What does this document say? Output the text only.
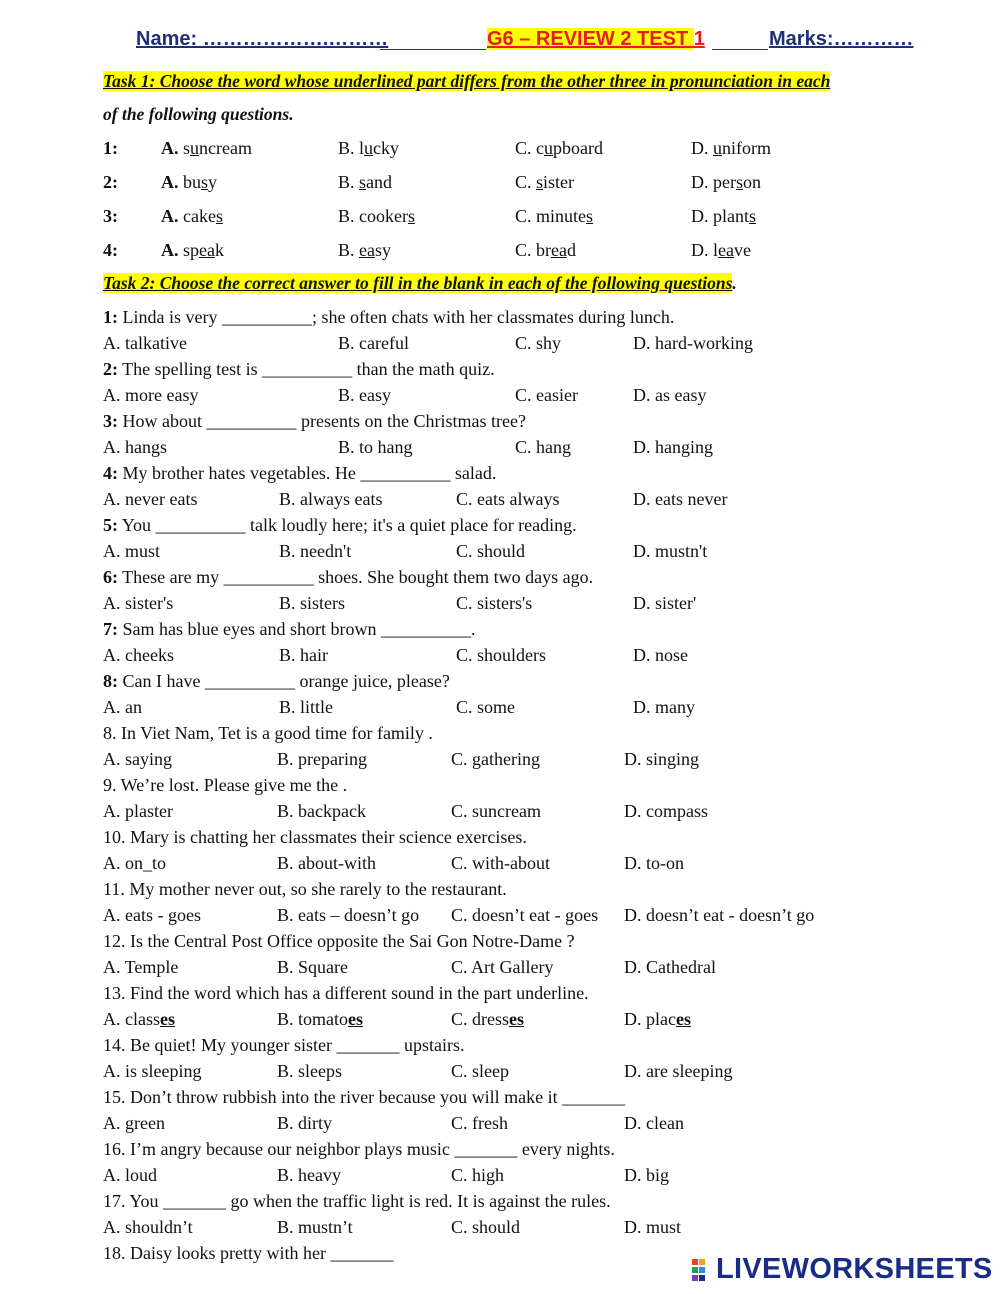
Name: ……………….………	G6 – REVIEW 2 TEST 1	Marks:…………
Task 1: Choose the word whose underlined part differs from the other three in pronunciation in each
of the following questions.
1: A. suncream	B. lucky	C. cupboard	D. uniform
2: A. busy	B. sand	C. sister	D. person
3: A. cakes	B. cookers	C. minutes	D. plants
4: A. speak	B. easy	C. bread	D. leave
Task 2: Choose the correct answer to fill in the blank in each of the following questions.
1: Linda is very __________; she often chats with her classmates during lunch.
A. talkative	B. careful	C. shy	D. hard-working
2: The spelling test is __________ than the math quiz.
A. more easy	B. easy	C. easier	D. as easy
3: How about __________ presents on the Christmas tree?
A. hangs	B. to hang	C. hang	D. hanging
4: My brother hates vegetables. He __________ salad.
A. never eats	B. always eats	C. eats always	D. eats never
5: You __________ talk loudly here; it's a quiet place for reading.
A. must	B. needn't	C. should	D. mustn't
6: These are my __________ shoes. She bought them two days ago.
A. sister's	B. sisters	C. sisters's	D. sister'
7: Sam has blue eyes and short brown __________.
A. cheeks	B. hair	C. shoulders	D. nose
8: Can I have __________ orange juice, please?
A. an	B. little	C. some	D. many
8. In Viet Nam, Tet is a good time for family .
A. saying	B. preparing	C. gathering	D. singing
9. We’re lost. Please give me the .
A. plaster	B. backpack	C. suncream	D. compass
10. Mary is chatting her classmates their science exercises.
A. on_to	B. about-with	C. with-about	D. to-on
11. My mother never out, so she rarely to the restaurant.
A. eats - goes	B. eats – doesn’t go C. doesn’t eat - goes D. doesn’t eat - doesn’t go
12. Is the Central Post Office opposite the Sai Gon Notre-Dame ?
A. Temple	B. Square	C. Art Gallery	D. Cathedral
13. Find the word which has a different sound in the part underline.
A. classes	B. tomatoes	C. dresses	D. places
14. Be quiet! My younger sister _______ upstairs.
A. is sleeping	B. sleeps	C. sleep	D. are sleeping
15. Don’t throw rubbish into the river because you will make it _______
A. green	B. dirty	C. fresh	D. clean
16. I’m angry because our neighbor plays music _______ every nights.
A. loud	B. heavy	C. high	D. big
17. You _______ go when the traffic light is red. It is against the rules.
A. shouldn’t	B. mustn’t	C. should	D. must
18. Daisy looks pretty with her _______	LIVEWORKSHEETS
